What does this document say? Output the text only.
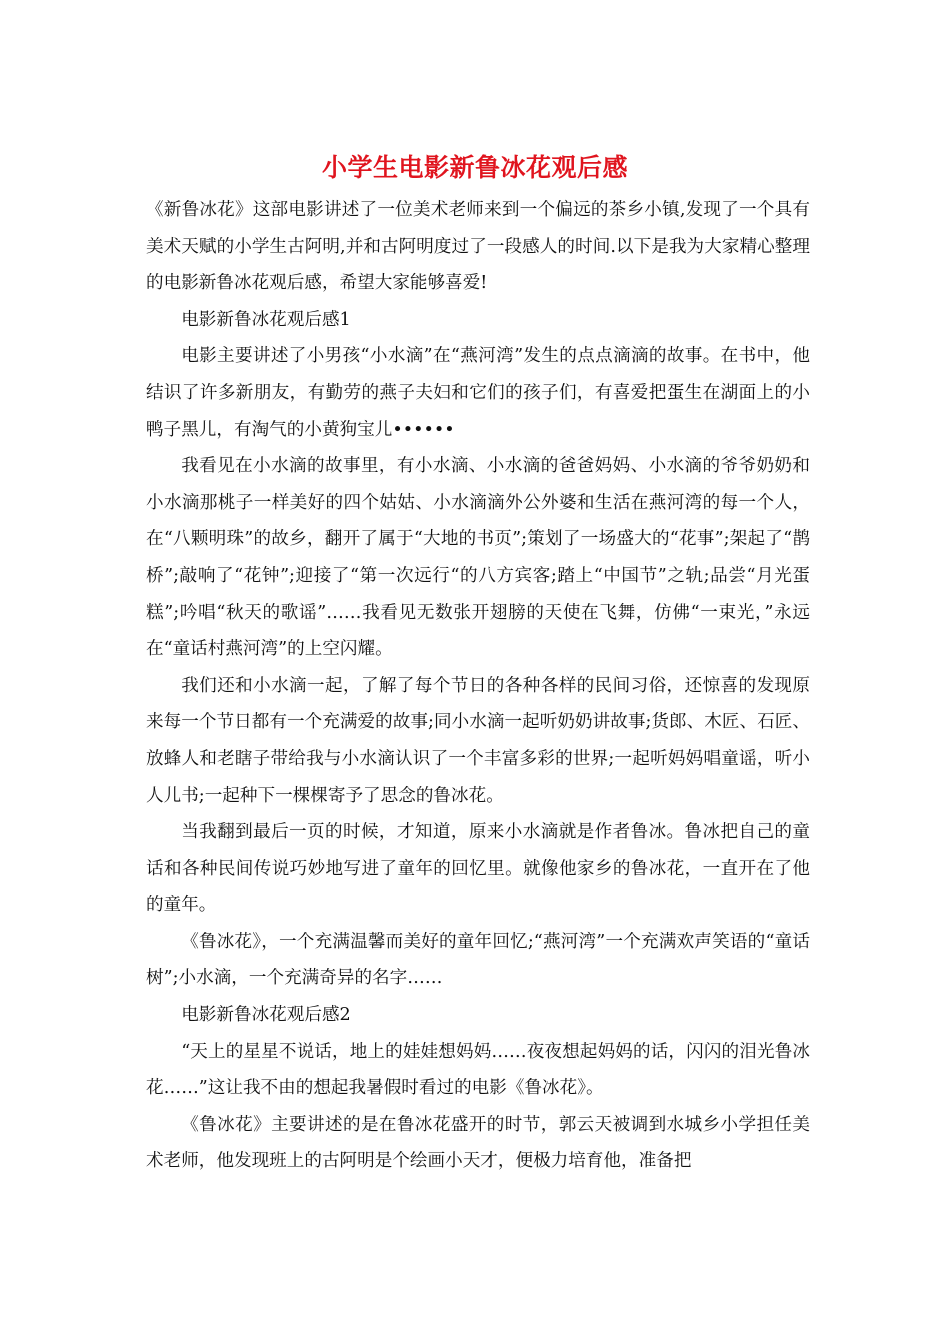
小学生电影新鲁冰花观后感

《新鲁冰花》这部电影讲述了一位美术老师来到一个偏远的茶乡小镇,发现了一个具有美术天赋的小学生古阿明,并和古阿明度过了一段感人的时间.以下是我为大家精心整理的电影新鲁冰花观后感，希望大家能够喜爱!

电影新鲁冰花观后感1

电影主要讲述了小男孩“小水滴”在“燕河湾”发生的点点滴滴的故事。在书中，他结识了许多新朋友，有勤劳的燕子夫妇和它们的孩子们，有喜爱把蛋生在湖面上的小鸭子黑儿，有淘气的小黄狗宝儿••••••

我看见在小水滴的故事里，有小水滴、小水滴的爸爸妈妈、小水滴的爷爷奶奶和小水滴那桃子一样美好的四个姑姑、小水滴滴外公外婆和生活在燕河湾的每一个人，在“八颗明珠”的故乡，翻开了属于“大地的书页”;策划了一场盛大的“花事”;架起了“鹊桥”;敲响了“花钟”;迎接了“第一次远行“的八方宾客;踏上“中国节”之轨;品尝“月光蛋糕”;吟唱“秋天的歌谣”……我看见无数张开翅膀的天使在飞舞，仿佛“一束光，”永远在“童话村燕河湾”的上空闪耀。

我们还和小水滴一起，了解了每个节日的各种各样的民间习俗，还惊喜的发现原来每一个节日都有一个充满爱的故事;同小水滴一起听奶奶讲故事;货郎、木匠、石匠、放蜂人和老瞎子带给我与小水滴认识了一个丰富多彩的世界;一起听妈妈唱童谣，听小人儿书;一起种下一棵棵寄予了思念的鲁冰花。

当我翻到最后一页的时候，才知道，原来小水滴就是作者鲁冰。鲁冰把自己的童话和各种民间传说巧妙地写进了童年的回忆里。就像他家乡的鲁冰花，一直开在了他的童年。

《鲁冰花》，一个充满温馨而美好的童年回忆;“燕河湾”一个充满欢声笑语的“童话树”;小水滴，一个充满奇异的名字……

电影新鲁冰花观后感2

“天上的星星不说话，地上的娃娃想妈妈……夜夜想起妈妈的话，闪闪的泪光鲁冰花……”这让我不由的想起我暑假时看过的电影《鲁冰花》。

《鲁冰花》主要讲述的是在鲁冰花盛开的时节，郭云天被调到水城乡小学担任美术老师，他发现班上的古阿明是个绘画小天才，便极力培育他，准备把
